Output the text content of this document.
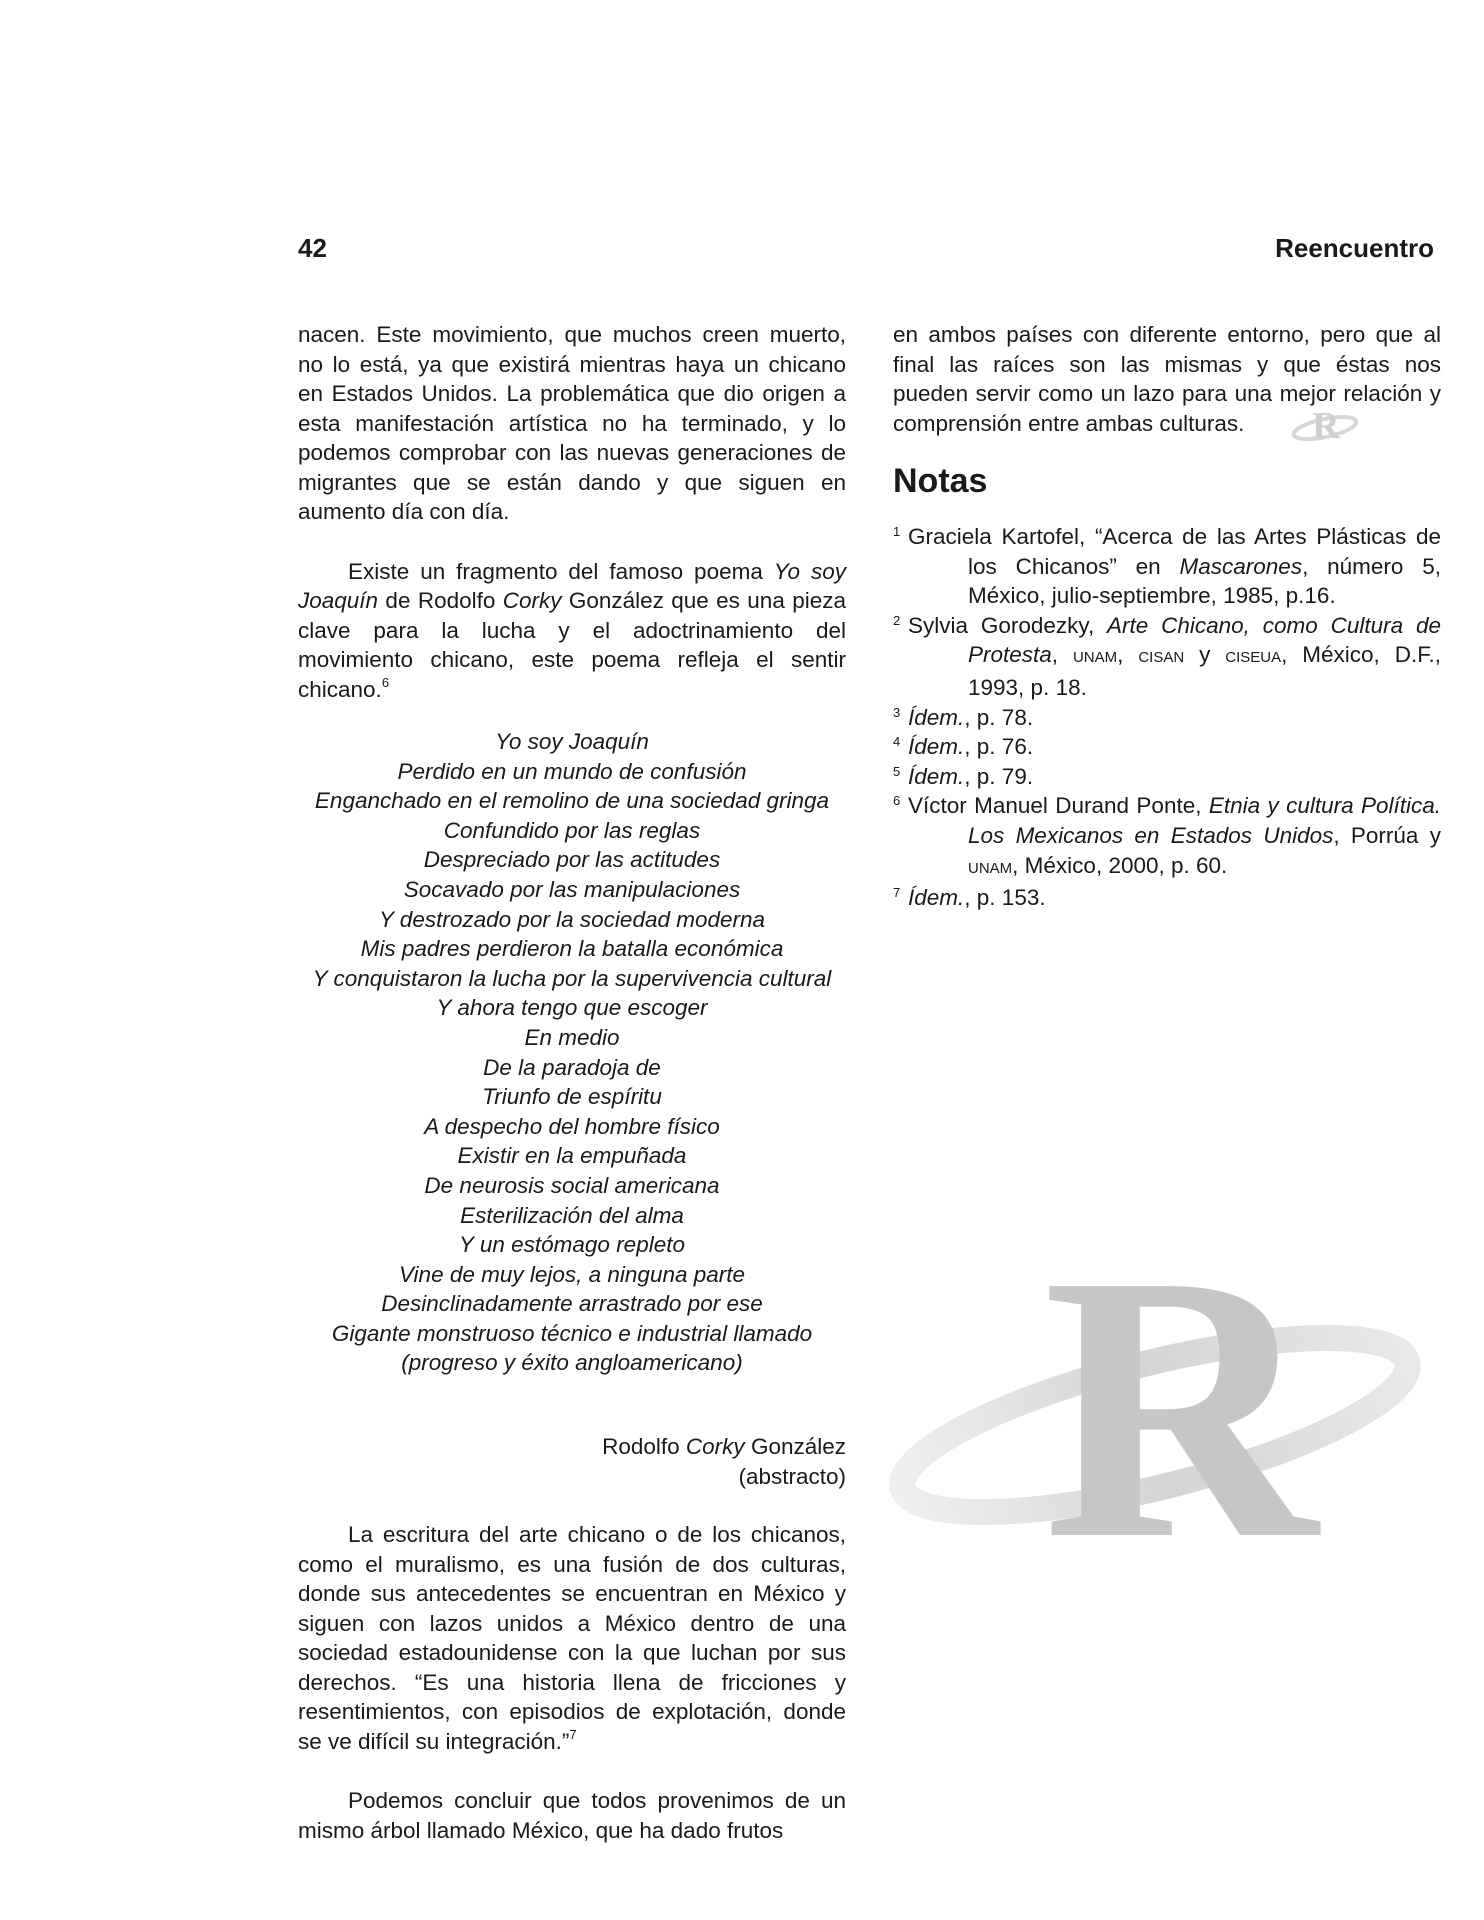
42	Reencuentro

nacen. Este movimiento, que muchos creen muerto, no lo está, ya que existirá mientras haya un chicano en Estados Unidos. La problemática que dio origen a esta manifestación artística no ha terminado, y lo podemos comprobar con las nuevas generaciones de migrantes que se están dando y que siguen en aumento día con día.

Existe un fragmento del famoso poema Yo soy Joaquín de Rodolfo Corky González que es una pieza clave para la lucha y el adoctrinamiento del movimiento chicano, este poema refleja el sentir chicano.$^6$

Yo soy Joaquín
Perdido en un mundo de confusión
Enganchado en el remolino de una sociedad gringa
Confundido por las reglas
Despreciado por las actitudes
Socavado por las manipulaciones
Y destrozado por la sociedad moderna
Mis padres perdieron la batalla económica
Y conquistaron la lucha por la supervivencia cultural
Y ahora tengo que escoger
En medio
De la paradoja de
Triunfo de espíritu
A despecho del hombre físico
Existir en la empuñada
De neurosis social americana
Esterilización del alma
Y un estómago repleto
Vine de muy lejos, a ninguna parte
Desinclinadamente arrastrado por ese
Gigante monstruoso técnico e industrial llamado
(progreso y éxito angloamericano)
Rodolfo Corky González
(abstracto)

La escritura del arte chicano o de los chicanos, como el muralismo, es una fusión de dos culturas, donde sus antecedentes se encuentran en México y siguen con lazos unidos a México dentro de una sociedad estadounidense con la que luchan por sus derechos. “Es una historia llena de fricciones y resentimientos, con episodios de explotación, donde se ve difícil su integración.”$^7$

Podemos concluir que todos provenimos de un mismo árbol llamado México, que ha dado frutos

en ambos países con diferente entorno, pero que al final las raíces son las mismas y que éstas nos pueden servir como un lazo para una mejor relación y comprensión entre ambas culturas.	R
Notas
$^1$ Graciela Kartofel, “Acerca de las Artes Plásticas de los Chicanos” en Mascarones, número 5, México, julio-septiembre, 1985, p.16.
$^2$ Sylvia Gorodezky, Arte Chicano, como Cultura de Protesta, UNAM, CISAN y CISEUA, México, D.F., 1993, p. 18.
$^3$ Ídem., p. 78.
$^4$ Ídem., p. 76.
$^5$ Ídem., p. 79.
$^6$ Víctor Manuel Durand Ponte, Etnia y cultura Política. Los Mexicanos en Estados Unidos, Porrúa y UNAM, México, 2000, p. 60.
$^7$ Ídem., p. 153.
R
